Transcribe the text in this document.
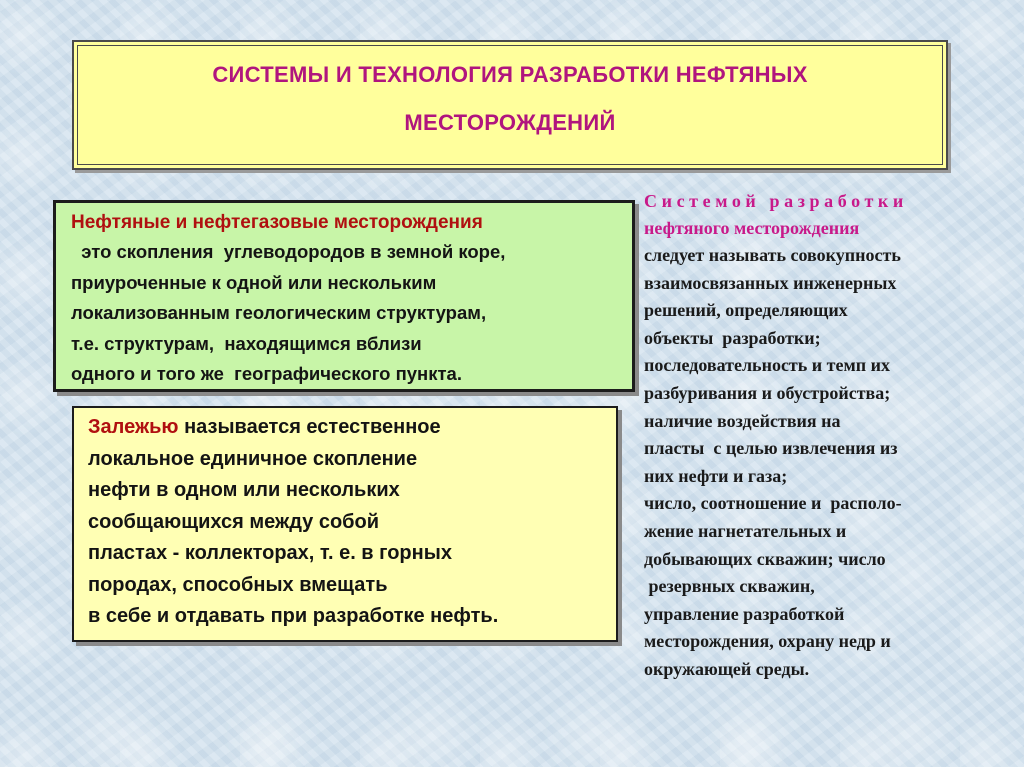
СИСТЕМЫ И ТЕХНОЛОГИЯ РАЗРАБОТКИ НЕФТЯНЫХ
МЕСТОРОЖДЕНИЙ
Нефтяные и нефтегазовые месторождения
это скопления  углеводородов в земной коре,
приуроченные к одной или нескольким
локализованным геологическим структурам,
т.е. структурам,  находящимся вблизи
одного и того же  географического пункта.
Залежью называется естественное
локальное единичное скопление
нефти в одном или нескольких
сообщающихся между собой
пластах - коллекторах, т. е. в горных
породах, способных вмещать
в себе и отдавать при разработке нефть.
Системой разработки
нефтяного месторождения
следует называть совокупность
взаимосвязанных инженерных
решений, определяющих
объекты  разработки;
последовательность и темп их
разбуривания и обустройства;
наличие воздействия на
пласты  с целью извлечения из
них нефти и газа;
число, соотношение и  располо-
жение нагнетательных и
добывающих скважин; число
резервных скважин,
управление разработкой
месторождения, охрану недр и
окружающей среды.
